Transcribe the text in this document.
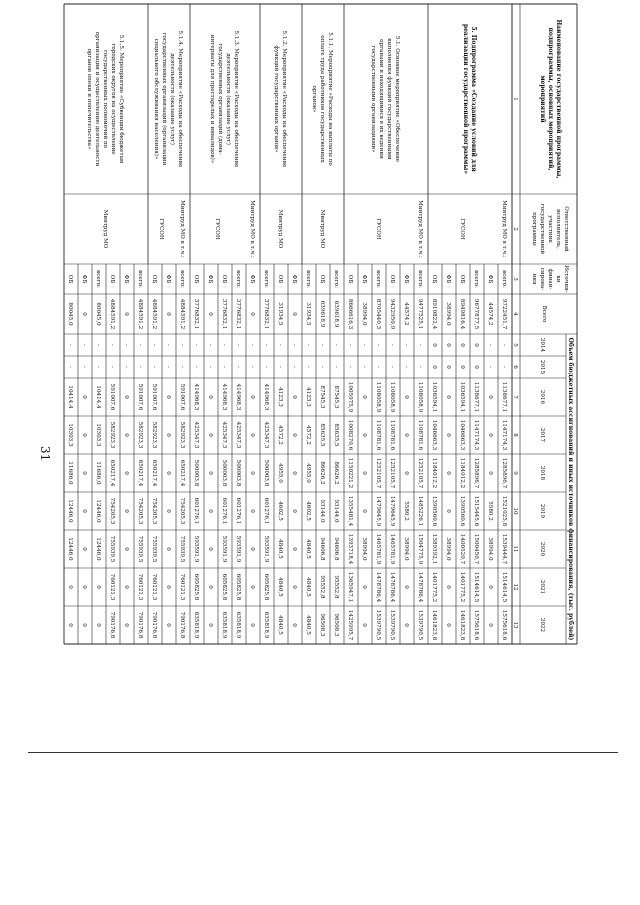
31
Наименование государственной программы,
подпрограммы, основных мероприятий,
мероприятий
Ответственный
исполнитель,
участник
государственной
программы
Источни-
ки
финан-
сирова-
ния
Объем бюджетных ассигнований и иных источников финансирования, (тыс. рублей)
Всего
2014
2015
2016
2017
2018
2019
2020
2021
2022
1
2
3
4
5
6
7
8
9
10
11
12
13
всего:
9722451,7
-
-
1138677,1
1147174,3
1285896,7
1521025,8
1539444,7
1514614,5
1575618,6
ФБ
44574,2
-
-
0
0
0
5580,2
38994,0
0
0
всего:
9677877,5
0
0
1138677,1
1147174,3
1285896,7
1515445,6
1500450,7
1514614,5
1575618,6
ОБ
8949816,4
0
0
1036594,1
1046663,3
1184012,2
1390560,6
1400520,7
1401775,2
1461823,8
ФБ
38994,0
0
0
0
0
0
0
38994,0
0
0
ОБ
8910822,4
0
0
1036594,1
1046663,3
1184012,2
1390560,6
1389392,1
1401775,2
1461823,8
всего:
9477525,1
-
-
1108058,9
1108781,6
1252105,7
1485226,1
1504775,9
1478786,4
1539790,5
ФБ
44574,2
-
-
0
0
0
5580,2
38994,0
0
0
ОБ
9432950,9
-
-
1108058,9
1108781,6
1252105,7
1479645,9
1465781,9
1478786,4
1539790,5
всего:
8705440,3
-
-
1108058,9
1108781,6
1252105,7
1479645,9
1465781,9
1478786,4
1539790,5
ФБ
38994,0
-
-
0
0
0
0
38994,0
0
0
ОБ
8666616,3
-
-
1005975,9
1008270,6
1150221,2
1355481,4
1393718,4
1365947,1
1425995,7
всего:
639618,9
-
-
87545,3
85635,5
86626,2
93144,0
94606,8
95552,8
96508,3
ОБ
639618,9
-
-
87545,3
85635,5
86626,2
93144,0
94606,8
95552,8
96508,3
всего:
31934,5
-
-
4123,3
4572,2
4955,0
4602,5
4840,5
4840,5
4840,5
ФБ
0
-
-
0
0
0
0
0
0
0
ОБ
31934,5
-
-
4123,3
4572,2
4955,0
4602,5
4840,5
4840,5
4840,5
всего:
3776832,1
-
-
414968,3
425347,3
500003,8
601276,1
593591,9
605825,8
635818,9
ФБ
0
-
-
0
0
0
0
0
0
0
всего:
3776832,1
-
-
414968,3
425347,3
500003,8
601276,1
593591,9
605825,8
635818,9
ОБ
3776832,1
-
-
414968,3
425347,3
500003,8
601276,1
593591,9
605825,8
635818,9
ФБ
0
-
-
0
0
0
0
0
0
0
ОБ
3776832,1
-
-
414968,3
425347,3
500003,8
601276,1
593591,9
605825,8
635818,9
всего:
4884591,2
-
-
591007,6
582923,3
650217,4
754205,3
755939,5
760121,3
790176,8
ФБ
0
-
-
0
0
0
0
0
0
0
ОБ
4884591,2
-
-
591007,6
582923,3
650217,4
754205,3
755939,5
760121,3
790176,8
всего:
4884591,2
-
-
591007,6
582923,3
650217,4
754205,3
755939,5
760121,3
790176,8
ФБ
0
-
-
0
0
0
0
0
0
0
ОБ
4884591,2
-
-
591007,6
582923,3
650217,4
754205,3
755939,5
760121,3
790176,8
всего:
80045,0
-
-
10414,4
10303,3
11686,0
12446,0
12446,0
0
0
ФБ
0
-
-
0
0
0
0
0
0
0
ОБ
80045,0
-
-
10414,4
10303,3
11686,0
12446,0
12446,0
0
0
5. Подпрограмма «Создание условий для
реализации государственной программы»
Минтруд МО в т.ч.:
ГУСОН
5.1. Основное мероприятие «Обеспечение
выполнения функций государственными
органами и находящимися в их ведении
государственными организациями»
Минтруд МО в т.ч.:
ГУСОН
5.1.1. Мероприятие «Расходы на выплаты по
оплате труда работников государственных
органов»
Минтруд МО
5.1.2. Мероприятие «Расходы на обеспечение
функций государственных органов»
Минтруд МО
5.1.3. Мероприятие «Расходы на обеспечение
деятельности (оказание услуг)
государственных организаций (дома-
интернаты для престарелых и инвалидов)»
Минтруд МО в т.ч.:
ГУСОН
5.1.4. Мероприятие «Расходы на обеспечение
деятельности (оказание услуг)
государственных организаций (организации
социального обслуживания населения)»
Минтруд МО в т.ч.:
ГУСОН
5.1.5. Мероприятие «Субвенции бюджетам
городских округов на осуществление
государственных полномочий по
организации и осуществлению деятельности
органов опеки и попечительства»
Минтруд МО
